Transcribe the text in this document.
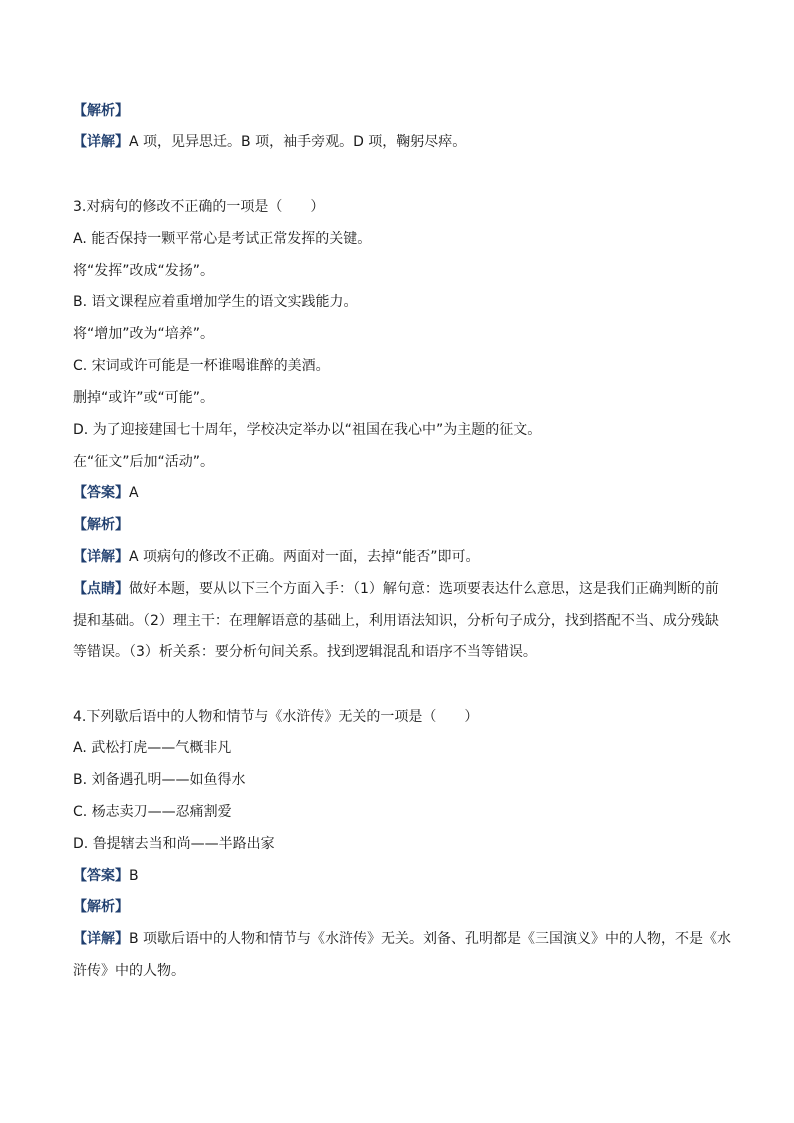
【解析】
【详解】A 项，见异思迁。B 项，袖手旁观。D 项，鞠躬尽瘁。
3.对病句的修改不正确的一项是（　　）
A. 能否保持一颗平常心是考试正常发挥的关键。
将“发挥”改成“发扬”。
B. 语文课程应着重增加学生的语文实践能力。
将“增加”改为“培养”。
C. 宋词或许可能是一杯谁喝谁醉的美酒。
删掉“或许”或“可能”。
D. 为了迎接建国七十周年，学校决定举办以“祖国在我心中”为主题的征文。
在“征文”后加“活动”。
【答案】A
【解析】
【详解】A 项病句的修改不正确。两面对一面，去掉“能否”即可。
【点睛】做好本题，要从以下三个方面入手：（1）解句意：选项要表达什么意思，这是我们正确判断的前
提和基础。（2）理主干：在理解语意的基础上，利用语法知识，分析句子成分，找到搭配不当、成分残缺
等错误。（3）析关系：要分析句间关系。找到逻辑混乱和语序不当等错误。
4.下列歇后语中的人物和情节与《水浒传》无关的一项是（　　）
A. 武松打虎——气概非凡
B. 刘备遇孔明——如鱼得水
C. 杨志卖刀——忍痛割爱
D. 鲁提辖去当和尚——半路出家
【答案】B
【解析】
【详解】B 项歇后语中的人物和情节与《水浒传》无关。刘备、孔明都是《三国演义》中的人物，不是《水
浒传》中的人物。
